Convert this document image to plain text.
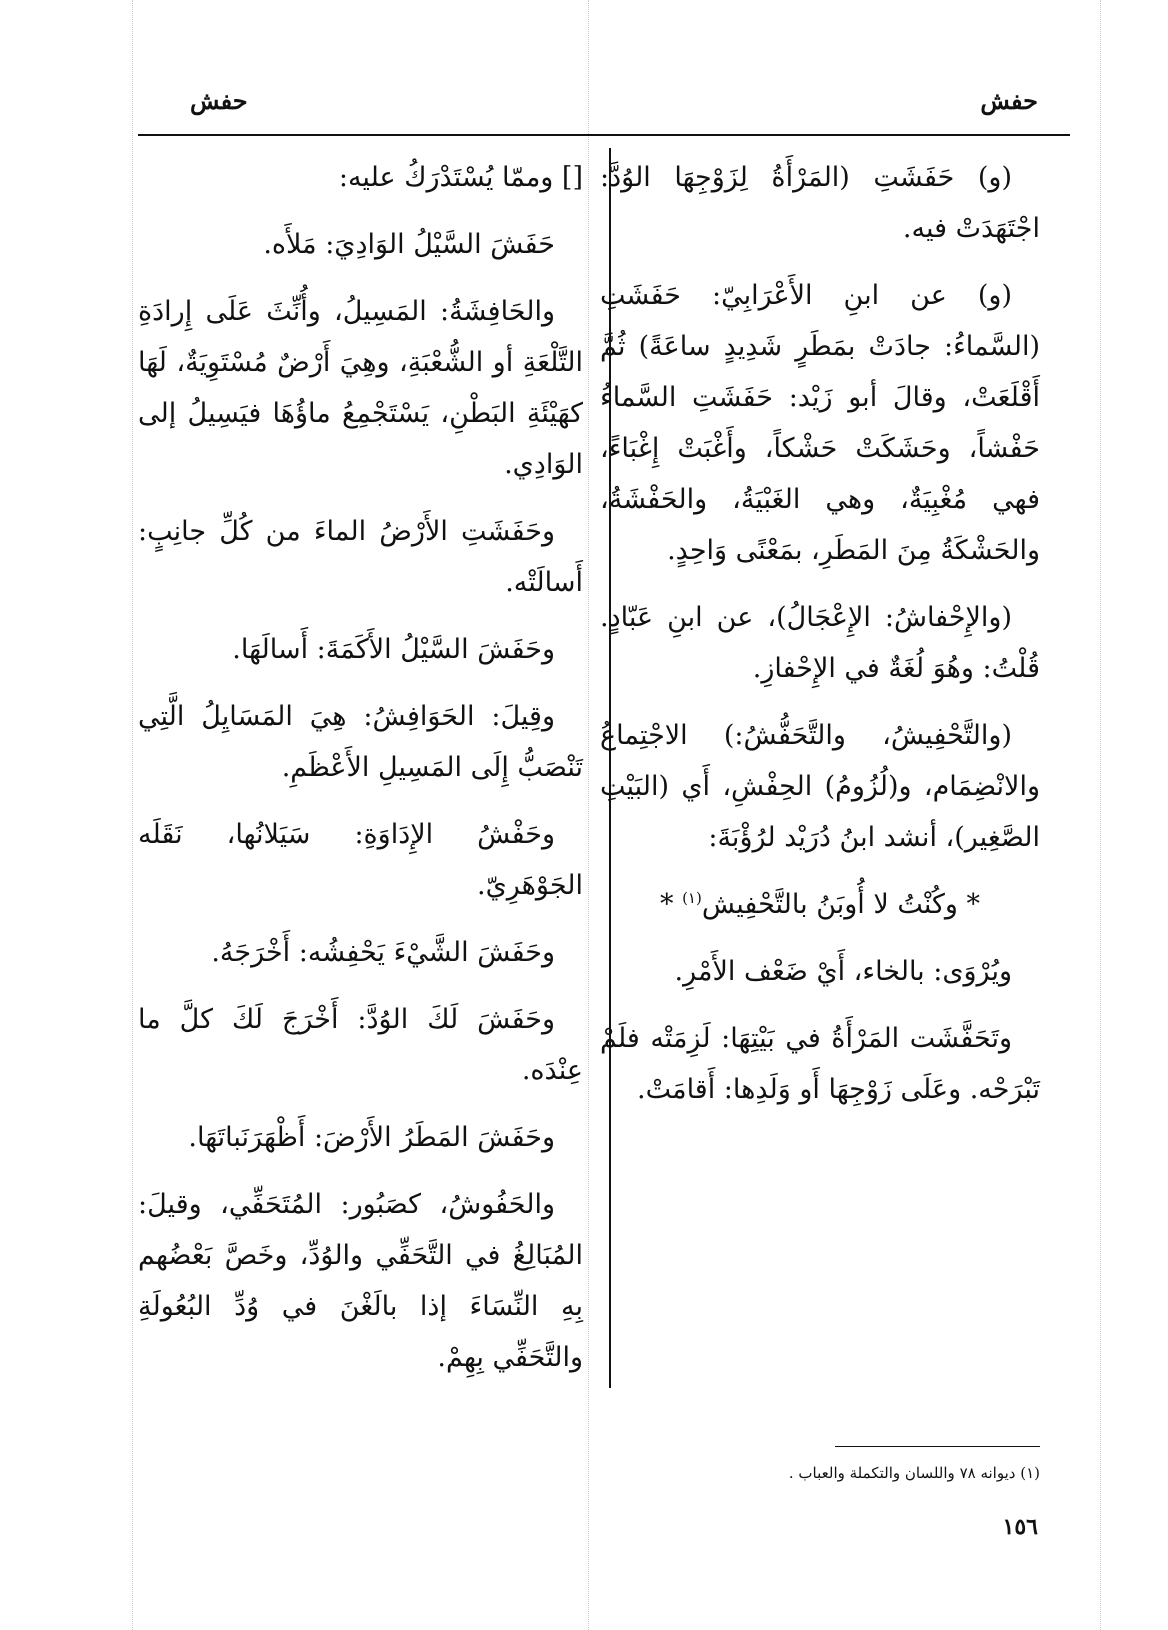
حفش
حفش

(و) حَفَشَتِ (المَرْأَةُ لِزَوْجِهَا الوُدَّ: اجْتَهَدَتْ فيه.

(و) عن ابنِ الأَعْرَابِيّ: حَفَشَتِ (السَّماءُ: جادَتْ بمَطَرٍ شَدِيدٍ ساعَةً) ثُمَّ أَقْلَعَتْ، وقالَ أبو زَيْد: حَفَشَتِ السَّماءُ حَفْشاً، وحَشَكَتْ حَشْكاً، وأَغْبَتْ إِغْبَاءً، فهي مُغْبِيَةٌ، وهي الغَبْيَةُ، والحَفْشَةُ، والحَشْكَةُ مِنَ المَطَرِ، بمَعْنًى وَاحِدٍ.

(والإِحْفاشُ: الإِعْجَالُ)، عن ابنِ عَبّادٍ. قُلْتُ: وهُوَ لُغَةٌ في الإِحْفازِ.

(والتَّحْفِيشُ، والتَّحَفُّشُ:) الاجْتِماعُ والانْضِمَام، و(لُزُومُ) الحِفْشِ، أَي (البَيْتِ الصَّغِير)، أنشد ابنُ دُرَيْد لرُؤْبَةَ:

* وكُنْتُ لا أُوبَنُ بالتَّحْفِيش$^{(١)}$ *

ويُرْوَى: بالخاء، أَيْ ضَعْف الأَمْرِ.

وتَحَفَّشَت المَرْأَةُ في بَيْتِهَا: لَزِمَتْه فلَمْ تَبْرَحْه. وعَلَى زَوْجِهَا أَو وَلَدِها: أَقامَتْ.

[] وممّا يُسْتَدْرَكُ عليه:

حَفَشَ السَّيْلُ الوَادِيَ: مَلأَه.

والحَافِشَةُ: المَسِيلُ، وأُنِّثَ عَلَى إِرادَةِ التَّلْعَةِ أو الشُّعْبَةِ، وهِيَ أَرْضٌ مُسْتَوِيَةٌ، لَهَا كهَيْئَةِ البَطْنِ، يَسْتَجْمِعُ ماؤُهَا فيَسِيلُ إلى الوَادِي.

وحَفَشَتِ الأَرْضُ الماءَ من كُلِّ جانِبٍ: أَسالَتْه.

وحَفَشَ السَّيْلُ الأَكَمَةَ: أَسالَهَا.

وقِيلَ: الحَوَافِشُ: هِيَ المَسَايِلُ الَّتِي تَنْصَبُّ إِلَى المَسِيلِ الأَعْظَمِ.

وحَفْشُ الإِدَاوَةِ: سَيَلانُها، نَقَلَه الجَوْهَرِيّ.

وحَفَشَ الشَّيْءَ يَحْفِشُه: أَخْرَجَهُ.

وحَفَشَ لَكَ الوُدَّ: أَخْرَجَ لَكَ كلَّ ما عِنْدَه.

وحَفَشَ المَطَرُ الأَرْضَ: أَظْهَرَنَباتَهَا.

والحَفُوشُ، كصَبُور: المُتَحَفِّي، وقيلَ: المُبَالِغُ في التَّحَفِّي والوُدِّ، وخَصَّ بَعْضُهم بِهِ النِّسَاءَ إذا بالَغْنَ في وُدِّ البُعُولَةِ والتَّحَفِّي بِهِمْ.

(١) ديوانه ٧٨ واللسان والتكملة والعباب .
١٥٦
